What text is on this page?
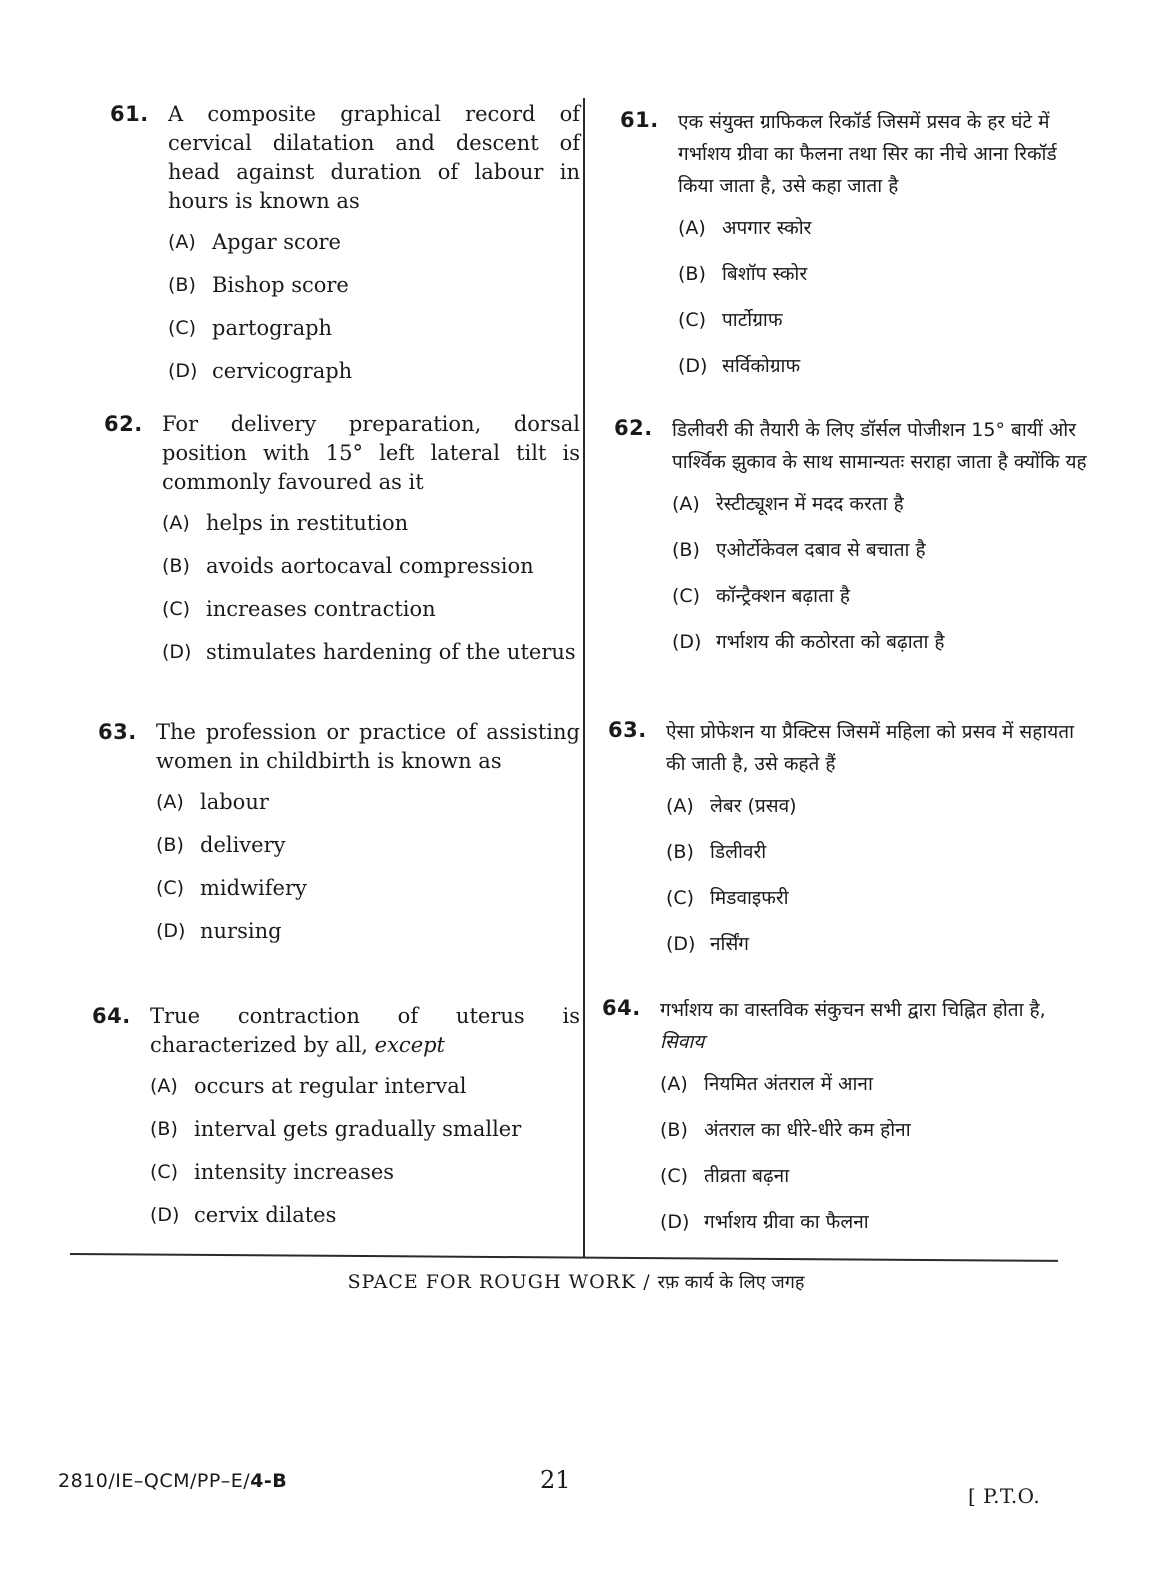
61. A composite graphical record of cervical dilatation and descent of head against duration of labour in hours is known as
(A) Apgar score
(B) Bishop score
(C) partograph
(D) cervicograph
62. For delivery preparation, dorsal position with 15° left lateral tilt is commonly favoured as it
(A) helps in restitution
(B) avoids aortocaval compression
(C) increases contraction
(D) stimulates hardening of the uterus
63. The profession or practice of assisting women in childbirth is known as
(A) labour
(B) delivery
(C) midwifery
(D) nursing
64. True contraction of uterus is characterized by all, except
(A) occurs at regular interval
(B) interval gets gradually smaller
(C) intensity increases
(D) cervix dilates
61.	एक संयुक्त ग्राफिकल रिकॉर्ड जिसमें प्रसव के हर घंटे में गर्भाशय ग्रीवा का फैलना तथा सिर का नीचे आना रिकॉर्ड किया जाता है, उसे कहा जाता है
(A) अपगार स्कोर
(B) बिशॉप स्कोर
(C) पार्टोग्राफ
(D) सर्विकोग्राफ
62.	डिलीवरी की तैयारी के लिए डॉर्सल पोजीशन 15° बायीं ओर पार्श्विक झुकाव के साथ सामान्यतः सराहा जाता है क्योंकि यह
(A) रेस्टीट्यूशन में मदद करता है
(B) एओर्टोकेवल दबाव से बचाता है
(C) कॉन्ट्रैक्शन बढ़ाता है
(D) गर्भाशय की कठोरता को बढ़ाता है
63.	ऐसा प्रोफेशन या प्रैक्टिस जिसमें महिला को प्रसव में सहायता की जाती है, उसे कहते हैं
(A) लेबर (प्रसव)
(B) डिलीवरी
(C) मिडवाइफरी
(D) नर्सिंग
64.	गर्भाशय का वास्तविक संकुचन सभी द्वारा चिह्नित होता है, सिवाय
(A) नियमित अंतराल में आना
(B) अंतराल का धीरे-धीरे कम होना
(C) तीव्रता बढ़ना
(D) गर्भाशय ग्रीवा का फैलना
SPACE FOR ROUGH WORK / रफ़ कार्य के लिए जगह
2810/IE–QCM/PP–E/4-B	21
[ P.T.O.
